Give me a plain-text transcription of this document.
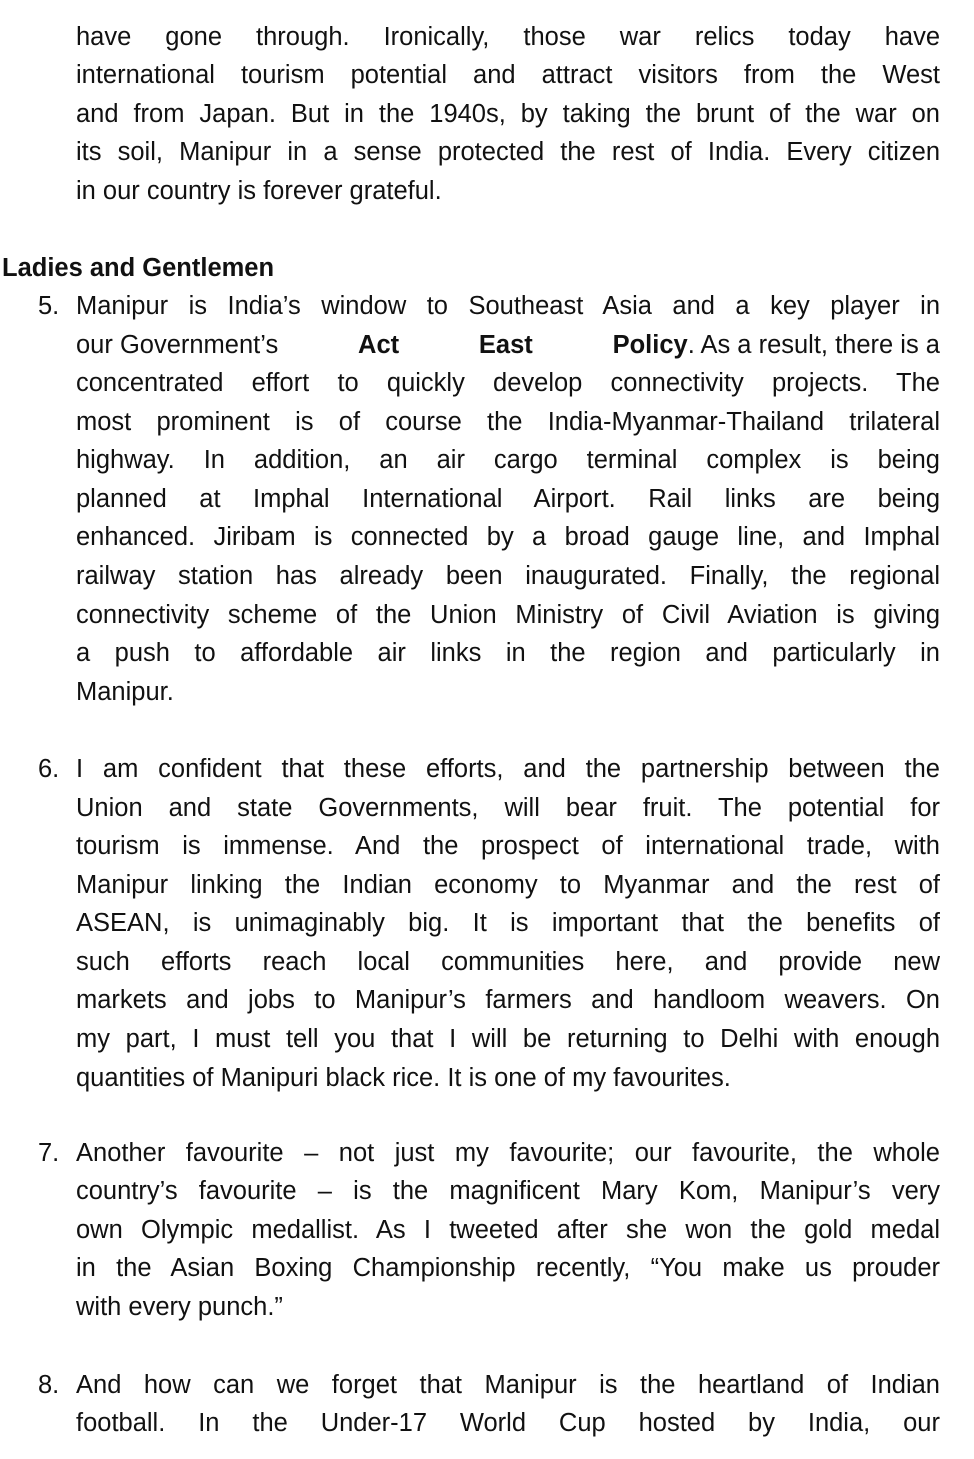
have gone through. Ironically, those war relics today have
international tourism potential and attract visitors from the West
and from Japan. But in the 1940s, by taking the brunt of the war on
its soil, Manipur in a sense protected the rest of India. Every citizen
in our country is forever grateful.
Ladies and Gentlemen
5. Manipur is India’s window to Southeast Asia and a key player in
our Government’s	Act East Policy. As a result, there is a
concentrated effort to quickly develop connectivity projects. The
most prominent is of course the India-Myanmar-Thailand trilateral
highway. In addition, an air cargo terminal complex is being
planned at Imphal International Airport. Rail links are being
enhanced. Jiribam is connected by a broad gauge line, and Imphal
railway station has already been inaugurated. Finally, the regional
connectivity scheme of the Union Ministry of Civil Aviation is giving
a push to affordable air links in the region and particularly in
Manipur.
6. I am confident that these efforts, and the partnership between the
Union and state Governments, will bear fruit. The potential for
tourism is immense. And the prospect of international trade, with
Manipur linking the Indian economy to Myanmar and the rest of
ASEAN, is unimaginably big. It is important that the benefits of
such efforts reach local communities here, and provide new
markets and jobs to Manipur’s farmers and handloom weavers. On
my part, I must tell you that I will be returning to Delhi with enough
quantities of Manipuri black rice. It is one of my favourites.
7. Another favourite – not just my favourite; our favourite, the whole
country’s favourite – is the magnificent Mary Kom, Manipur’s very
own Olympic medallist. As I tweeted after she won the gold medal
in the Asian Boxing Championship recently, “You make us prouder
with every punch.”
8. And how can we forget that Manipur is the heartland of Indian
football. In the Under-17 World Cup hosted by India, our
